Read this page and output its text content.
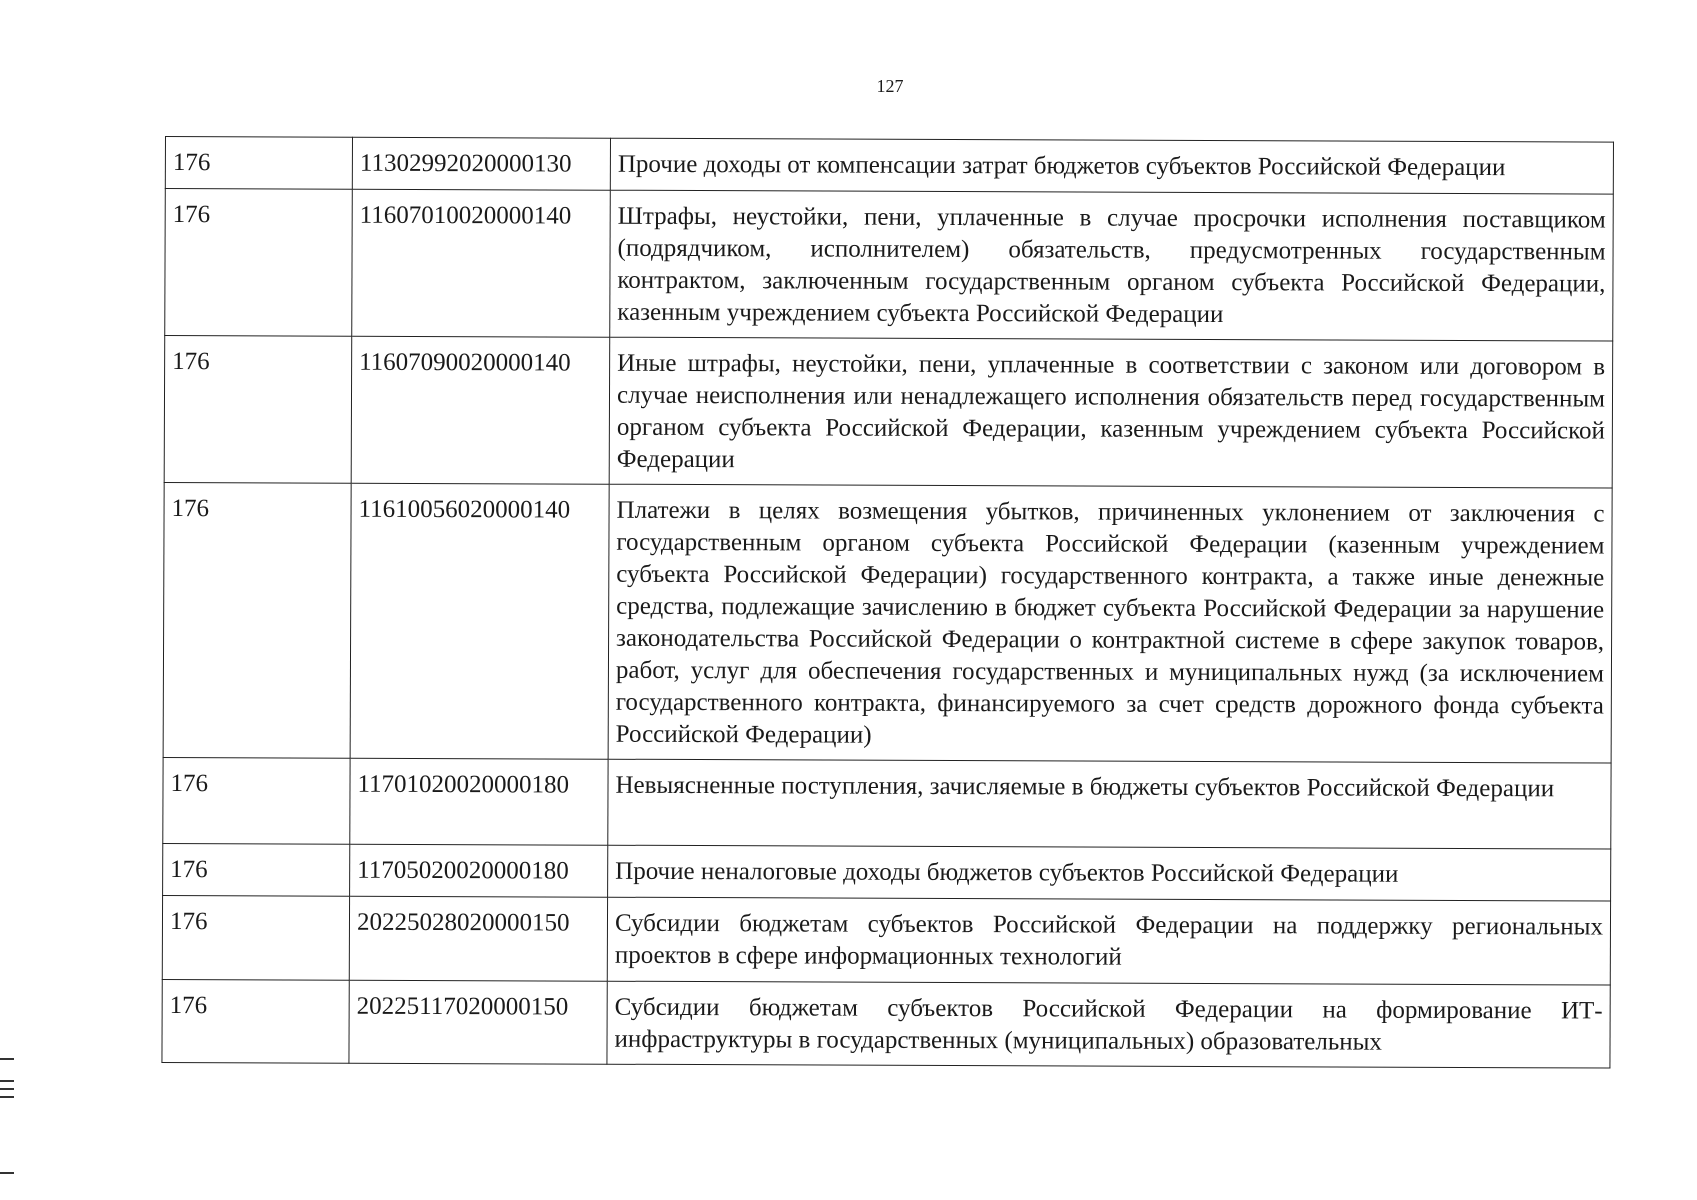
127
176	11302992020000130	Прочие доходы от компенсации затрат бюджетов субъектов Российской Федерации
176	11607010020000140	Штрафы, неустойки, пени, уплаченные в случае просрочки исполнения поставщиком (подрядчиком, исполнителем) обязательств, предусмотренных государственным контрактом, заключенным государственным органом субъекта Российской Федерации, казенным учреждением субъекта Российской Федерации
176	11607090020000140	Иные штрафы, неустойки, пени, уплаченные в соответствии с законом или договором в случае неисполнения или ненадлежащего исполнения обязательств перед государственным органом субъекта Российской Федерации, казенным учреждением субъекта Российской Федерации
176	11610056020000140	Платежи в целях возмещения убытков, причиненных уклонением от заключения с государственным органом субъекта Российской Федерации (казенным учреждением субъекта Российской Федерации) государственного контракта, а также иные денежные средства, подлежащие зачислению в бюджет субъекта Российской Федерации за нарушение законодательства Российской Федерации о контрактной системе в сфере закупок товаров, работ, услуг для обеспечения государственных и муниципальных нужд (за исключением государственного контракта, финансируемого за счет средств дорожного фонда субъекта Российской Федерации)
176	11701020020000180	Невыясненные поступления, зачисляемые в бюджеты субъектов Российской Федерации
176	11705020020000180	Прочие неналоговые доходы бюджетов субъектов Российской Федерации
176	20225028020000150	Субсидии бюджетам субъектов Российской Федерации на поддержку региональных проектов в сфере информационных технологий
176	20225117020000150	Субсидии бюджетам субъектов Российской Федерации на формирование ИТ-инфраструктуры в государственных (муниципальных) образовательных
